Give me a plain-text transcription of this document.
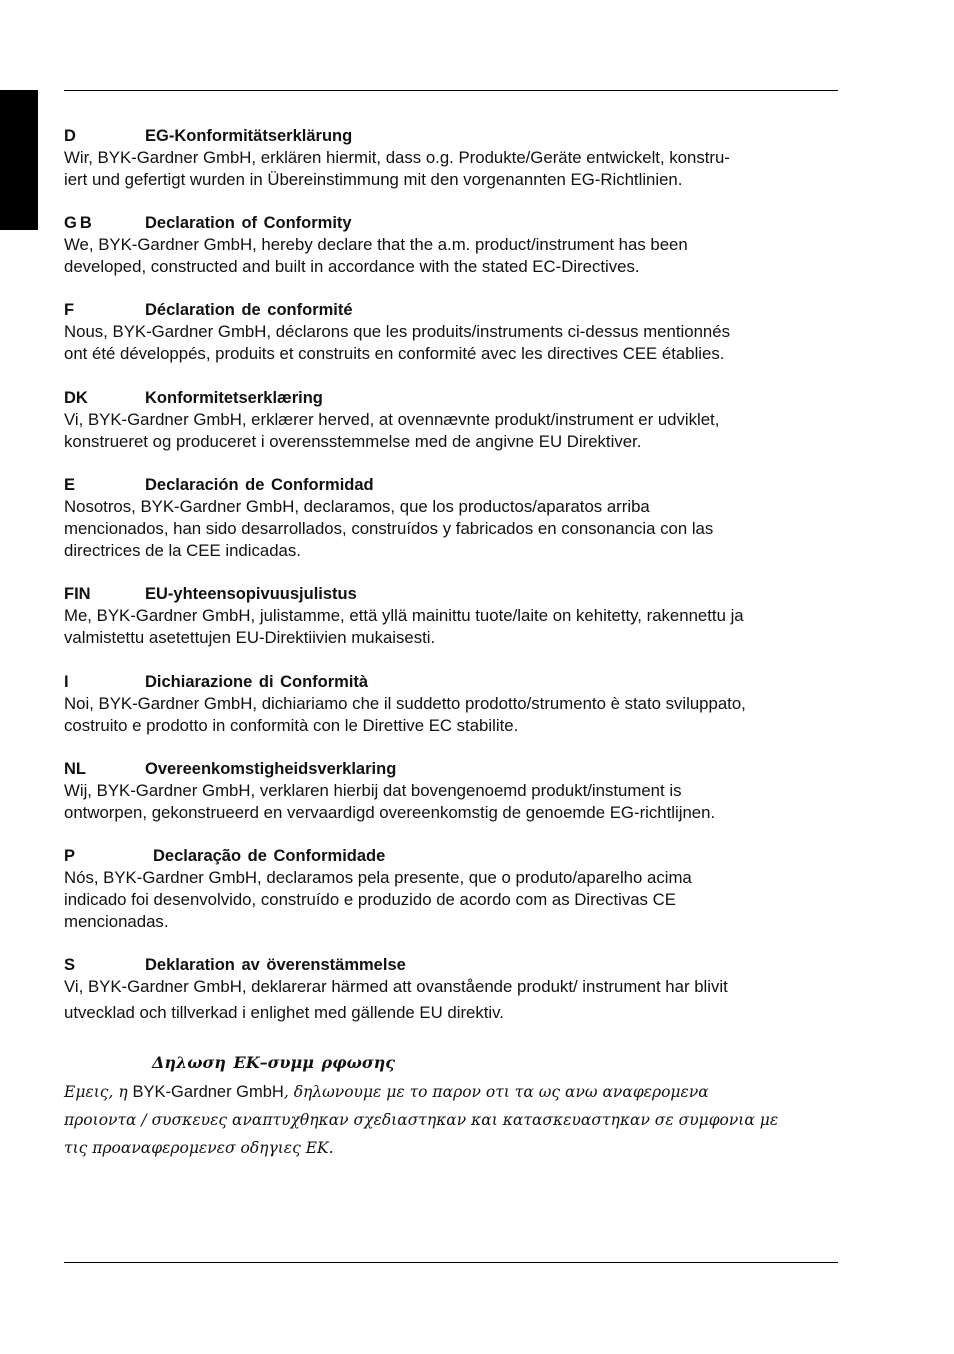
D	EG-Konformitätserklärung
Wir, BYK-Gardner GmbH, erklären hiermit, dass o.g. Produkte/Geräte entwickelt, konstru-
iert und gefertigt wurden in Übereinstimmung mit den vorgenannten EG-Richtlinien.
GB	Declaration of Conformity
We, BYK-Gardner GmbH, hereby declare that the a.m. product/instrument has been
developed, constructed and built in accordance with the stated EC-Directives.
F	Déclaration de conformité
Nous, BYK-Gardner GmbH, déclarons que les produits/instruments ci-dessus mentionnés
ont été développés, produits et construits en conformité avec les directives CEE établies.
DK	Konformitetserklæring
Vi, BYK-Gardner GmbH, erklærer herved, at ovennævnte produkt/instrument er udviklet,
konstrueret og produceret i overensstemmelse med de angivne EU Direktiver.
E	Declaración de Conformidad
Nosotros, BYK-Gardner GmbH, declaramos, que los productos/aparatos arriba
mencionados, han sido desarrollados, construídos y fabricados en consonancia con las
directrices de la CEE indicadas.
FIN	EU-yhteensopivuusjulistus
Me, BYK-Gardner GmbH, julistamme, että yllä mainittu tuote/laite on kehitetty, rakennettu ja
valmistettu asetettujen EU-Direktiivien mukaisesti.
I	Dichiarazione di Conformità
Noi, BYK-Gardner GmbH, dichiariamo che il suddetto prodotto/strumento è stato sviluppato,
costruito e prodotto in conformità con le Direttive EC stabilite.
NL	Overeenkomstigheidsverklaring
Wij, BYK-Gardner GmbH, verklaren hierbij dat bovengenoemd produkt/instument is
ontworpen, gekonstrueerd en vervaardigd overeenkomstig de genoemde EG-richtlijnen.
P	Declaração de Conformidade
Nós, BYK-Gardner GmbH, declaramos pela presente, que o produto/aparelho acima
indicado foi desenvolvido, construído e produzido de acordo com as Directivas CE
mencionadas.
S	Deklaration av överenstämmelse
Vi, BYK-Gardner GmbH, deklarerar härmed att ovanstående produkt/ instrument har blivit
utvecklad och tillverkad i enlighet med gällende EU direktiv.
Δηλωση ΕΚ–συμμ ρφωσης
Εμεις, η BYK-Gardner GmbH, δηλωνουμε με το παρον οτι τα ως ανω αναφερομενα
προιοντα / συσκευες αναπτυχθηκαν σχεδιαστηκαν και κατασκευαστηκαν σε συμφονια με
τις προαναφερομενεσ οδηγιες ΕΚ.
